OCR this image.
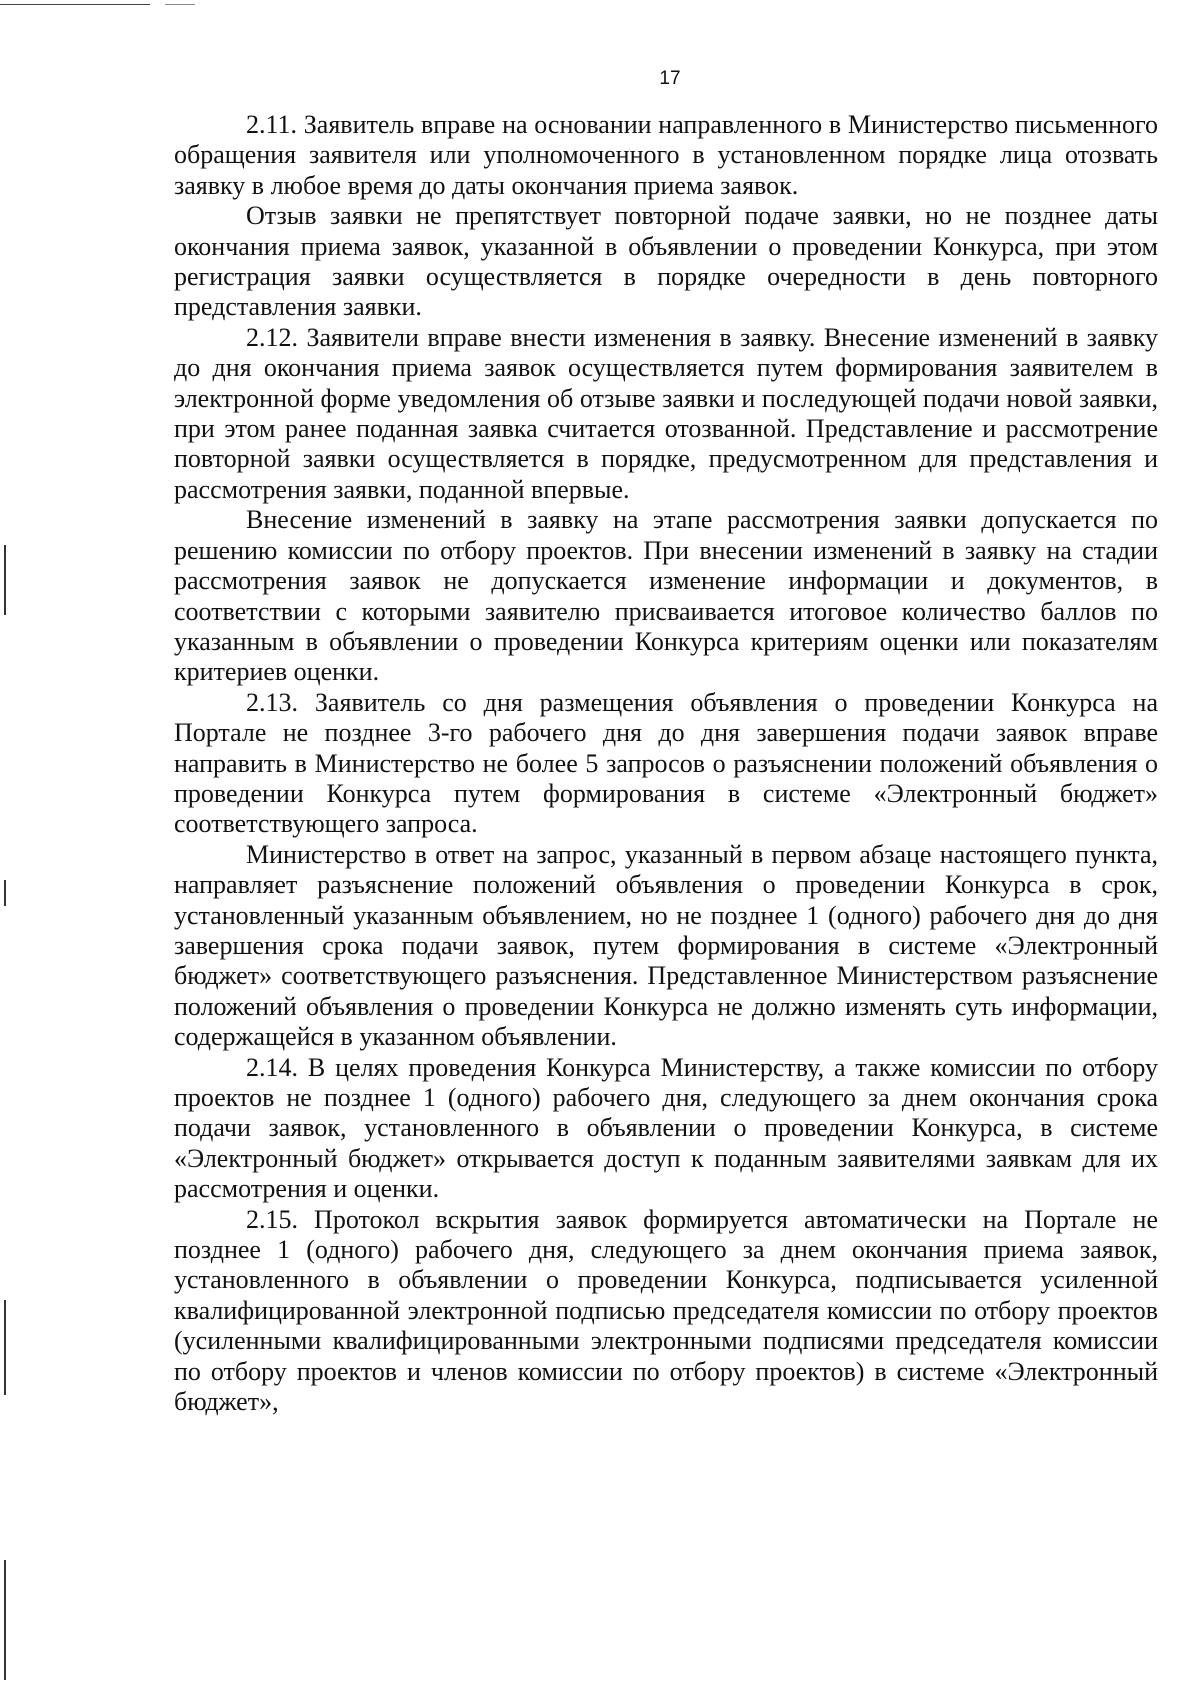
17

2.11. Заявитель вправе на основании направленного в Министерство письменного обращения заявителя или уполномоченного в установленном порядке лица отозвать заявку в любое время до даты окончания приема заявок.

Отзыв заявки не препятствует повторной подаче заявки, но не позднее даты окончания приема заявок, указанной в объявлении о проведении Конкурса, при этом регистрация заявки осуществляется в порядке очередности в день повторного представления заявки.

2.12. Заявители вправе внести изменения в заявку. Внесение изменений в заявку до дня окончания приема заявок осуществляется путем формирования заявителем в электронной форме уведомления об отзыве заявки и последующей подачи новой заявки, при этом ранее поданная заявка считается отозванной. Представление и рассмотрение повторной заявки осуществляется в порядке, предусмотренном для представления и рассмотрения заявки, поданной впервые.

Внесение изменений в заявку на этапе рассмотрения заявки допускается по решению комиссии по отбору проектов. При внесении изменений в заявку на стадии рассмотрения заявок не допускается изменение информации и документов, в соответствии с которыми заявителю присваивается итоговое количество баллов по указанным в объявлении о проведении Конкурса критериям оценки или показателям критериев оценки.

2.13. Заявитель со дня размещения объявления о проведении Конкурса на Портале не позднее 3-го рабочего дня до дня завершения подачи заявок вправе направить в Министерство не более 5 запросов о разъяснении положений объявления о проведении Конкурса путем формирования в системе «Электронный бюджет» соответствующего запроса.

Министерство в ответ на запрос, указанный в первом абзаце настоящего пункта, направляет разъяснение положений объявления о проведении Конкурса в срок, установленный указанным объявлением, но не позднее 1 (одного) рабочего дня до дня завершения срока подачи заявок, путем формирования в системе «Электронный бюджет» соответствующего разъяснения. Представленное Министерством разъяснение положений объявления о проведении Конкурса не должно изменять суть информации, содержащейся в указанном объявлении.

2.14. В целях проведения Конкурса Министерству, а также комиссии по отбору проектов не позднее 1 (одного) рабочего дня, следующего за днем окончания срока подачи заявок, установленного в объявлении о проведении Конкурса, в системе «Электронный бюджет» открывается доступ к поданным заявителями заявкам для их рассмотрения и оценки.

2.15. Протокол вскрытия заявок формируется автоматически на Портале не позднее 1 (одного) рабочего дня, следующего за днем окончания приема заявок, установленного в объявлении о проведении Конкурса, подписывается усиленной квалифицированной электронной подписью председателя комиссии по отбору проектов (усиленными квалифицированными электронными подписями председателя комиссии по отбору проектов и членов комиссии по отбору проектов) в системе «Электронный бюджет»,
